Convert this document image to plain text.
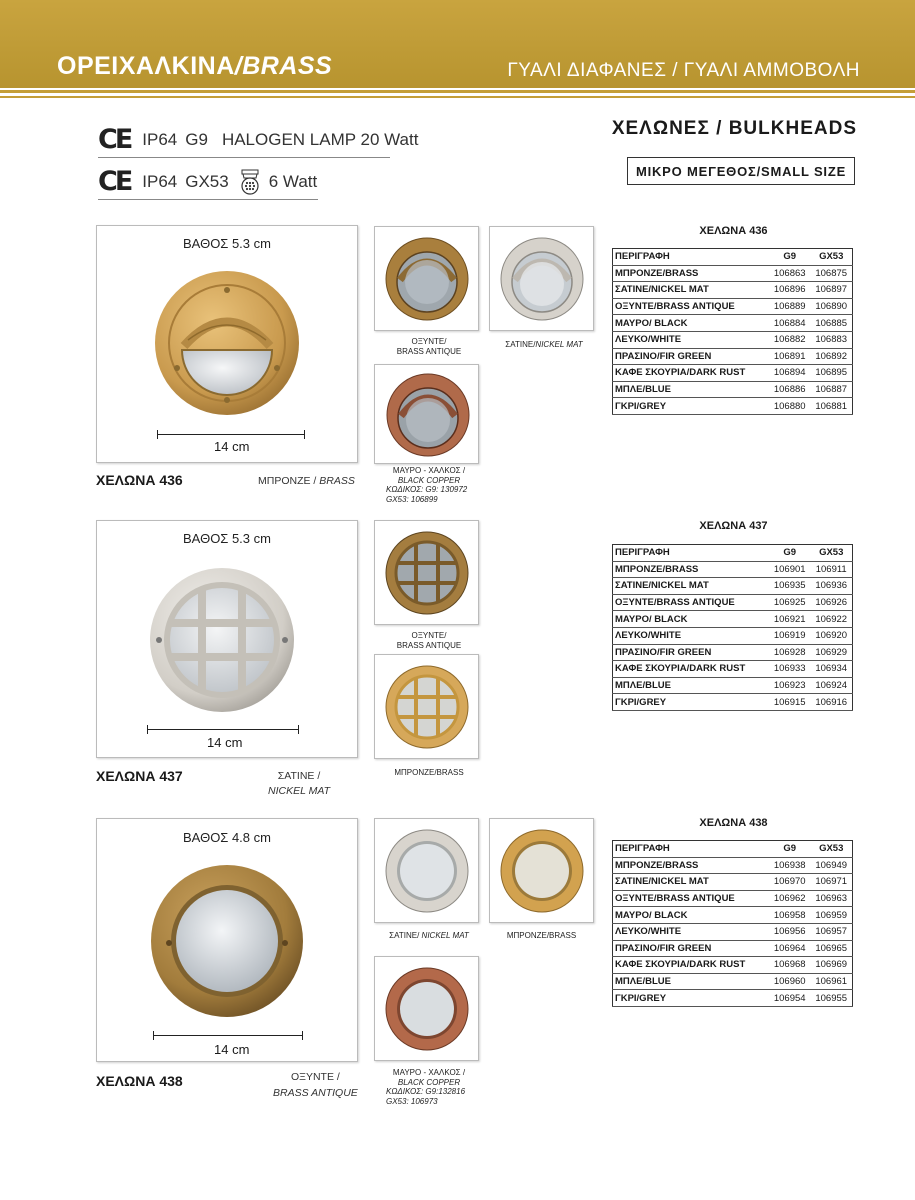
ΟΡΕΙΧΑΛΚΙΝΑ/BRASS	ΓΥΑΛΙ ΔΙΑΦΑΝΕΣ / ΓΥΑΛΙ ΑΜΜΟΒΟΛΗ
CE IP64 G9 HALOGEN LAMP 20 Watt
CE IP64 GX53 6 Watt
ΧΕΛΩΝΕΣ / BULKHEADS
ΜΙΚΡΟ ΜΕΓΕΘΟΣ/SMALL SIZE
ΒΑΘΟΣ 5.3 cm
14 cm
ΧΕΛΩΝΑ 436	ΜΠΡΟΝΖΕ / BRASS
ΟΞΥΝΤΕ/
BRASS ANTIQUE
ΣΑΤΙΝΕ/NICKEL MAT
ΜΑΥΡΟ - ΧΑΛΚΟΣ /
BLACK COPPER
ΚΩΔΙΚΟΣ: G9: 130972
GX53: 106899
ΧΕΛΩΝΑ 436
ΠΕΡΙΓΡΑΦΗ	G9	GX53
ΜΠΡΟΝΖΕ/BRASS	106863	106875
ΣΑΤΙΝΕ/NICKEL MAT	106896	106897
ΟΞΥΝΤΕ/BRASS ANTIQUE	106889	106890
ΜΑΥΡΟ/ BLACK	106884	106885
ΛΕΥΚΟ/WHITE	106882	106883
ΠΡΑΣΙΝΟ/FIR GREEN	106891	106892
ΚΑΦΕ ΣΚΟΥΡΙΑ/DARK RUST	106894	106895
ΜΠΛΕ/BLUE	106886	106887
ΓΚΡΙ/GREY	106880	106881
ΒΑΘΟΣ 5.3 cm
14 cm
ΧΕΛΩΝΑ 437	ΣΑΤΙΝΕ /
NICKEL MAT
ΟΞΥΝΤΕ/
BRASS ANTIQUE
ΜΠΡΟΝΖΕ/BRASS
ΧΕΛΩΝΑ 437
ΠΕΡΙΓΡΑΦΗ	G9	GX53
ΜΠΡΟΝΖΕ/BRASS	106901	106911
ΣΑΤΙΝΕ/NICKEL MAT	106935	106936
ΟΞΥΝΤΕ/BRASS ANTIQUE	106925	106926
ΜΑΥΡΟ/ BLACK	106921	106922
ΛΕΥΚΟ/WHITE	106919	106920
ΠΡΑΣΙΝΟ/FIR GREEN	106928	106929
ΚΑΦΕ ΣΚΟΥΡΙΑ/DARK RUST	106933	106934
ΜΠΛΕ/BLUE	106923	106924
ΓΚΡΙ/GREY	106915	106916
ΒΑΘΟΣ 4.8 cm
14 cm
ΧΕΛΩΝΑ 438	ΟΞΥΝΤΕ /
BRASS ANTIQUE
ΣΑΤΙΝΕ/ NICKEL MAT	ΜΠΡΟΝΖΕ/BRASS
ΜΑΥΡΟ - ΧΑΛΚΟΣ /
BLACK COPPER
ΚΩΔΙΚΟΣ: G9:132816
GX53: 106973
ΧΕΛΩΝΑ 438
ΠΕΡΙΓΡΑΦΗ	G9	GX53
ΜΠΡΟΝΖΕ/BRASS	106938	106949
ΣΑΤΙΝΕ/NICKEL MAT	106970	106971
ΟΞΥΝΤΕ/BRASS ANTIQUE	106962	106963
ΜΑΥΡΟ/ BLACK	106958	106959
ΛΕΥΚΟ/WHITE	106956	106957
ΠΡΑΣΙΝΟ/FIR GREEN	106964	106965
ΚΑΦΕ ΣΚΟΥΡΙΑ/DARK RUST	106968	106969
ΜΠΛΕ/BLUE	106960	106961
ΓΚΡΙ/GREY	106954	106955
